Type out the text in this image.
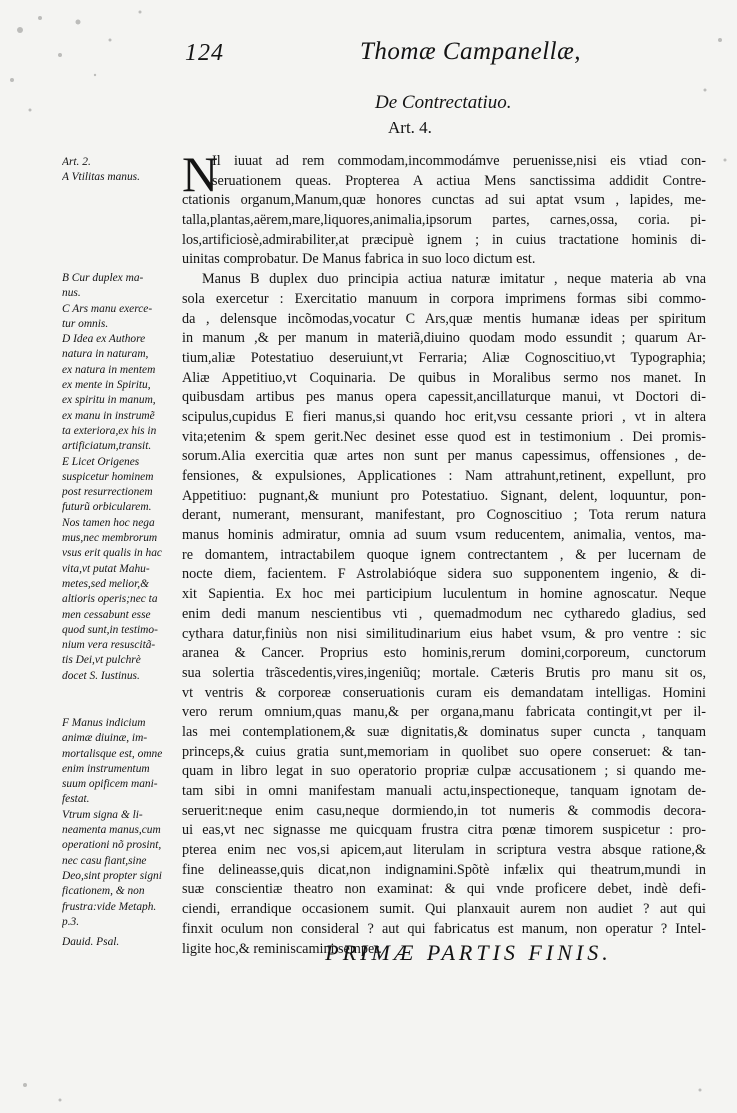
124	Thomæ Campanellæ,
De Contrectatiuo.
Art. 4.
N
Il iuuat ad rem commodam,incommodámve peruenisse,nisi eis vtiad con-
seruationem queas. Propterea A actiua Mens sanctissima addidit Contre-
ctationis organum,Manum,quæ honores cunctas ad sui aptat vsum , lapides, me-
talla,plantas,aërem,mare,liquores,animalia,ipsorum partes, carnes,ossa, coria. pi-
los,artificiosè,admirabiliter,at præcipuè ignem ; in cuius tractatione hominis di-
uinitas comprobatur. De Manus fabrica in suo loco dictum est.
Manus B duplex duo principia actiua naturæ imitatur , neque materia ab vna
sola exercetur : Exercitatio manuum in corpora imprimens formas sibi commo-
da , delensque incõmodas,vocatur C Ars,quæ mentis humanæ ideas per spiritum
in manum ,& per manum in materiã,diuino quodam modo essundit ; quarum Ar-
tium,aliæ Potestatiuo deseruiunt,vt Ferraria; Aliæ Cognoscitiuo,vt Typographia;
Aliæ Appetitiuo,vt Coquinaria. De quibus in Moralibus sermo nos manet. In
quibusdam artibus pes manus opera capessit,ancillaturque manui, vt Doctori di-
scipulus,cupidus E fieri manus,si quando hoc erit,vsu cessante priori , vt in altera
vita;etenim & spem gerit.Nec desinet esse quod est in testimonium . Dei promis-
sorum.Alia exercitia quæ artes non sunt per manus capessimus, offensiones , de-
fensiones, & expulsiones, Applicationes : Nam attrahunt,retinent, expellunt, pro
Appetitiuo: pugnant,& muniunt pro Potestatiuo. Signant, delent, loquuntur, pon-
derant, numerant, mensurant, manifestant, pro Cognoscitiuo ; Tota rerum natura
manus hominis admiratur, omnia ad suum vsum reducentem, animalia, ventos, ma-
re domantem, intractabilem quoque ignem contrectantem , & per lucernam de
nocte diem, facientem. F Astrolabióque sidera suo supponentem ingenio, & di-
xit Sapientia. Ex hoc mei participium luculentum in homine agnoscatur. Neque
enim dedi manum nescientibus vti , quemadmodum nec cytharedo gladius, sed
cythara datur,finiùs non nisi similitudinarium eius habet vsum, & pro ventre : sic
aranea & Cancer. Proprius esto hominis,rerum domini,corporeum, cunctorum
sua solertia trãscedentis,vires,ingeniũq; mortale. Cæteris Brutis pro manu sit os,
vt ventris & corporeæ conseruationis curam eis demandatam intelligas. Homini
vero rerum omnium,quas manu,& per organa,manu fabricata contingit,vt per il-
las mei contemplationem,& suæ dignitatis,& dominatus super cuncta , tanquam
princeps,& cuius gratia sunt,memoriam in quolibet suo opere conseruet: & tan-
quam in libro legat in suo operatorio propriæ culpæ accusationem ; si quando me-
tam sibi in omni manifestam manuali actu,inspectioneque, tanquam ignotam de-
seruerit:neque enim casu,neque dormiendo,in tot numeris & commodis decora-
ui eas,vt nec signasse me quicquam frustra citra pœnæ timorem suspicetur : pro-
pterea enim nec vos,si apicem,aut literulam in scriptura vestra absque ratione,&
fine delineasse,quis dicat,non indignamini.Spõtè infælix qui theatrum,mundi in
suæ conscientiæ theatro non examinat: & qui vnde proficere debet, indè defi-
ciendi, errandique occasionem sumit. Qui planxauit aurem non audiet ? aut qui
finxit oculum non consideral ? aut qui fabricatus est manum, non operatur ? Intel-
ligite hoc,& reminiscamini semper.
Art. 2.
A Vtilitas manus.
B Cur duplex ma-
nus.
C Ars manu exerce-
tur omnis.
D Idea ex Authore
natura in naturam,
ex natura in mentem
ex mente in Spiritu,
ex spiritu in manum,
ex manu in instrumẽ
ta exteriora,ex his in
artificiatum,transit.
E Licet Origenes
suspicetur hominem
post resurrectionem
futurũ orbicularem.
Nos tamen hoc nega
mus,nec membrorum
vsus erit qualis in hac
vita,vt putat Mahu-
metes,sed melior,&
altioris operis;nec ta
men cessabunt esse
quod sunt,in testimo-
nium vera resuscitã-
tis Dei,vt pulchrè
docet S. Iustinus.
F Manus indicium
animæ diuinæ, im-
mortalisque est, omne
enim instrumentum
suum opificem mani-
festat.
Vtrum signa & li-
neamenta manus,cum
operationi nõ prosint,
nec casu fiant,sine
Deo,sint propter signi
ficationem, & non
frustra:vide Metaph.
p.3.
Dauid. Psal.	PRIMÆ PARTIS FINIS.
